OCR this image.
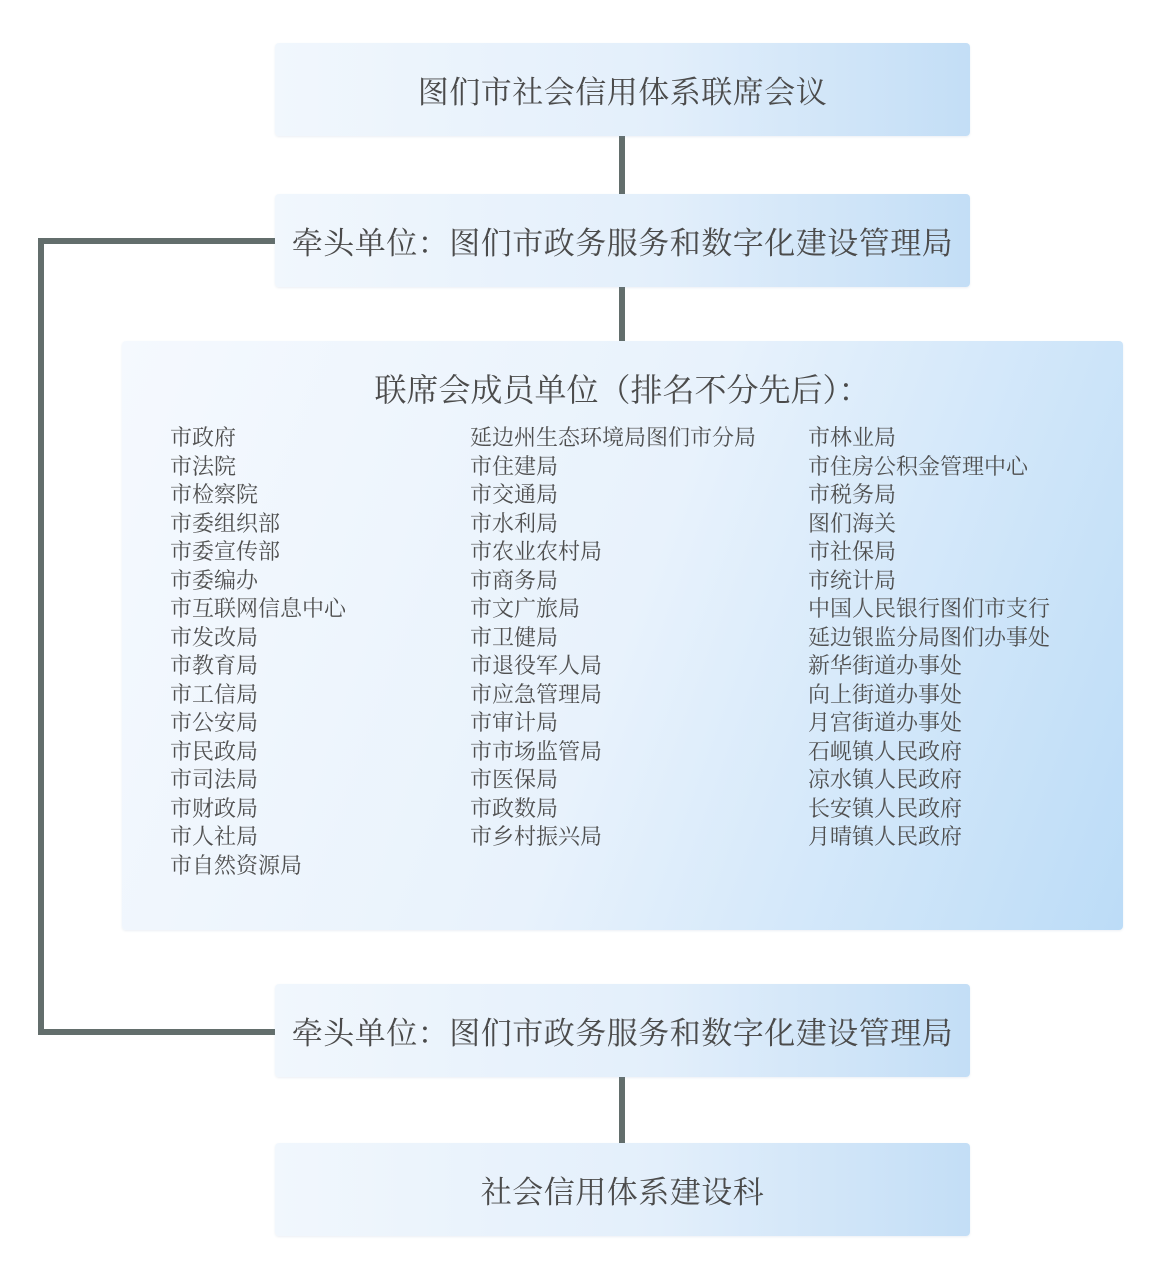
图们市社会信用体系联席会议
牵头单位：图们市政务服务和数字化建设管理局
联席会成员单位（排名不分先后）：
市政府
市法院
市检察院
市委组织部
市委宣传部
市委编办
市互联网信息中心
市发改局
市教育局
市工信局
市公安局
市民政局
市司法局
市财政局
市人社局
市自然资源局
延边州生态环境局图们市分局
市住建局
市交通局
市水利局
市农业农村局
市商务局
市文广旅局
市卫健局
市退役军人局
市应急管理局
市审计局
市市场监管局
市医保局
市政数局
市乡村振兴局
市林业局
市住房公积金管理中心
市税务局
图们海关
市社保局
市统计局
中国人民银行图们市支行
延边银监分局图们办事处
新华街道办事处
向上街道办事处
月宫街道办事处
石岘镇人民政府
凉水镇人民政府
长安镇人民政府
月晴镇人民政府
牵头单位：图们市政务服务和数字化建设管理局
社会信用体系建设科
